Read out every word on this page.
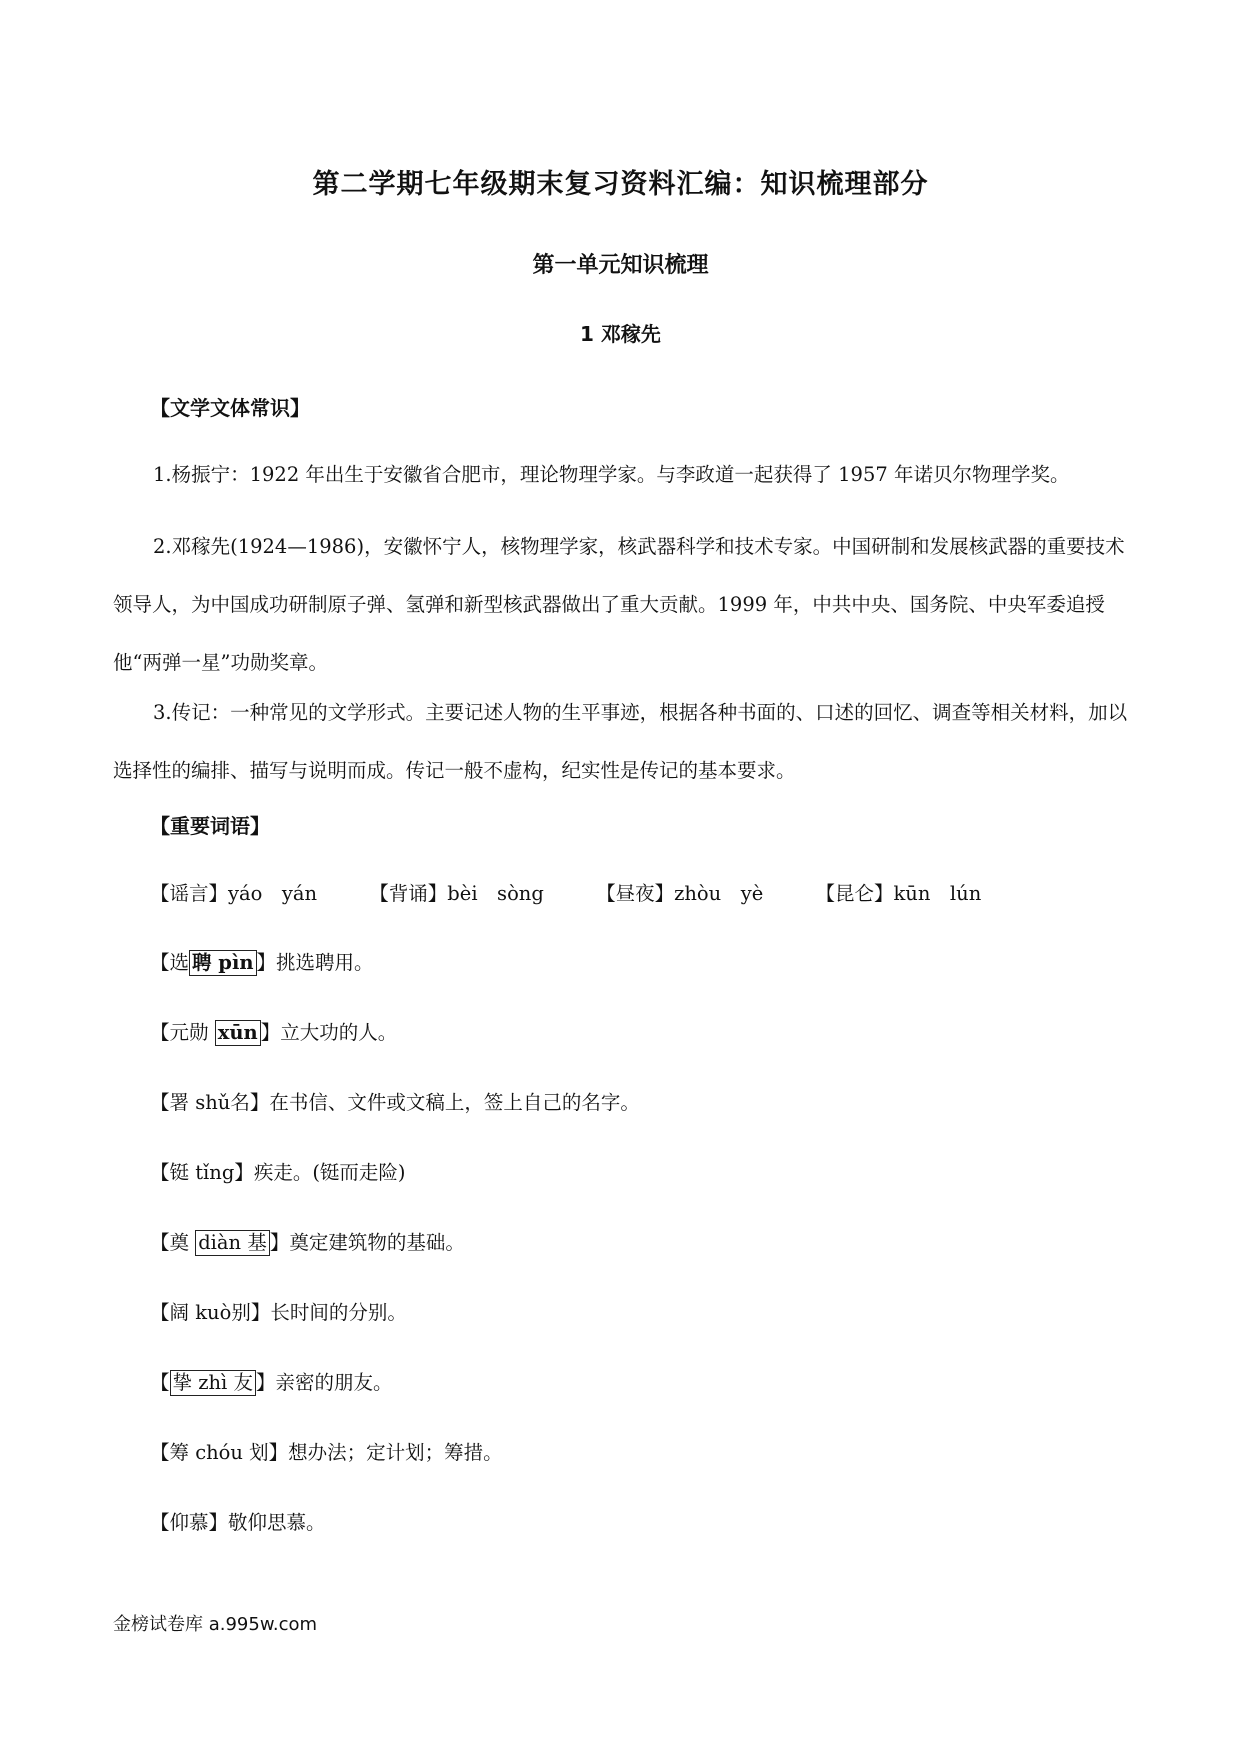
第二学期七年级期末复习资料汇编：知识梳理部分
第一单元知识梳理
1 邓稼先
【文学文体常识】
1.杨振宁：1922 年出生于安徽省合肥市，理论物理学家。与李政道一起获得了 1957 年诺贝尔物理学奖。
2.邓稼先(1924—1986)，安徽怀宁人，核物理学家，核武器科学和技术专家。中国研制和发展核武器的重要技术领导人，为中国成功研制原子弹、氢弹和新型核武器做出了重大贡献。1999 年，中共中央、国务院、中央军委追授他“两弹一星”功勋奖章。
3.传记：一种常见的文学形式。主要记述人物的生平事迹，根据各种书面的、口述的回忆、调查等相关材料，加以选择性的编排、描写与说明而成。传记一般不虚构，纪实性是传记的基本要求。
【重要词语】
【谣言】yáo　yán	【背诵】bèi　sòng	【昼夜】zhòu　yè	【昆仑】kūn　lún
【选 聘 pìn 】挑选聘用。
【元勋 xūn 】立大功的人。
【署 shǔ名】在书信、文件或文稿上，签上自己的名字。
【铤 tǐng】疾走。(铤而走险)
【奠 diàn 基 】奠定建筑物的基础。
【阔 kuò别】长时间的分别。
【 挚 zhì 友 】亲密的朋友。
【筹 chóu 划】想办法；定计划；筹措。
【仰慕】敬仰思慕。
金榜试卷库 a.995w.com
